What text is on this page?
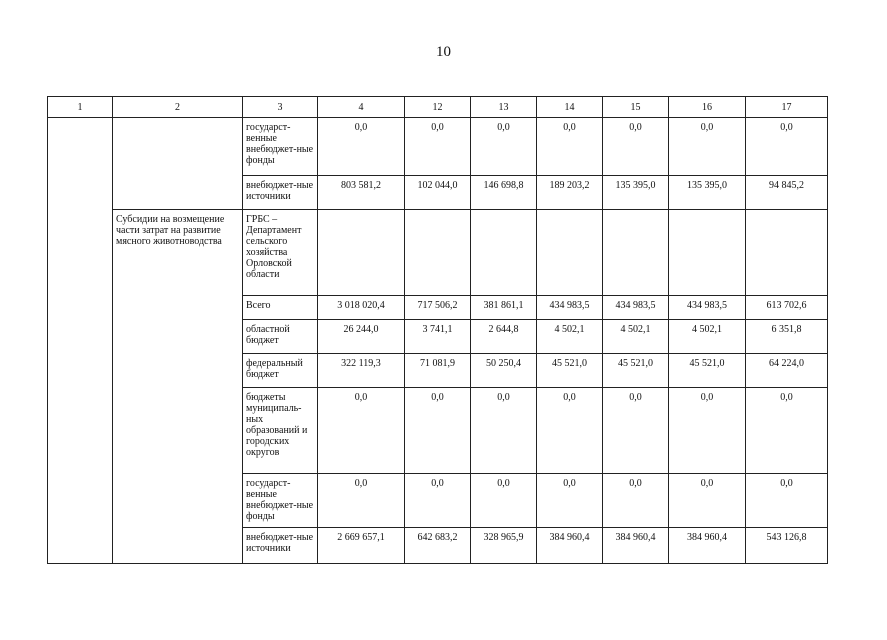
10
1	2	3	4	12	13	14	15	16	17
		государст-венные внебюджет-ные фонды	0,0	0,0	0,0	0,0	0,0	0,0	0,0
		внебюджет-ные источники	803 581,2	102 044,0	146 698,8	189 203,2	135 395,0	135 395,0	94 845,2
	Субсидии на возмещение части затрат на развитие мясного животноводства	ГРБС – Департамент сельского хозяйства Орловской области							
		Всего	3 018 020,4	717 506,2	381 861,1	434 983,5	434 983,5	434 983,5	613 702,6
		областной бюджет	26 244,0	3 741,1	2 644,8	4 502,1	4 502,1	4 502,1	6 351,8
		федеральный бюджет	322 119,3	71 081,9	50 250,4	45 521,0	45 521,0	45 521,0	64 224,0
		бюджеты муниципаль-ных образований и городских округов	0,0	0,0	0,0	0,0	0,0	0,0	0,0
		государст-венные внебюджет-ные фонды	0,0	0,0	0,0	0,0	0,0	0,0	0,0
		внебюджет-ные источники	2 669 657,1	642 683,2	328 965,9	384 960,4	384 960,4	384 960,4	543 126,8
